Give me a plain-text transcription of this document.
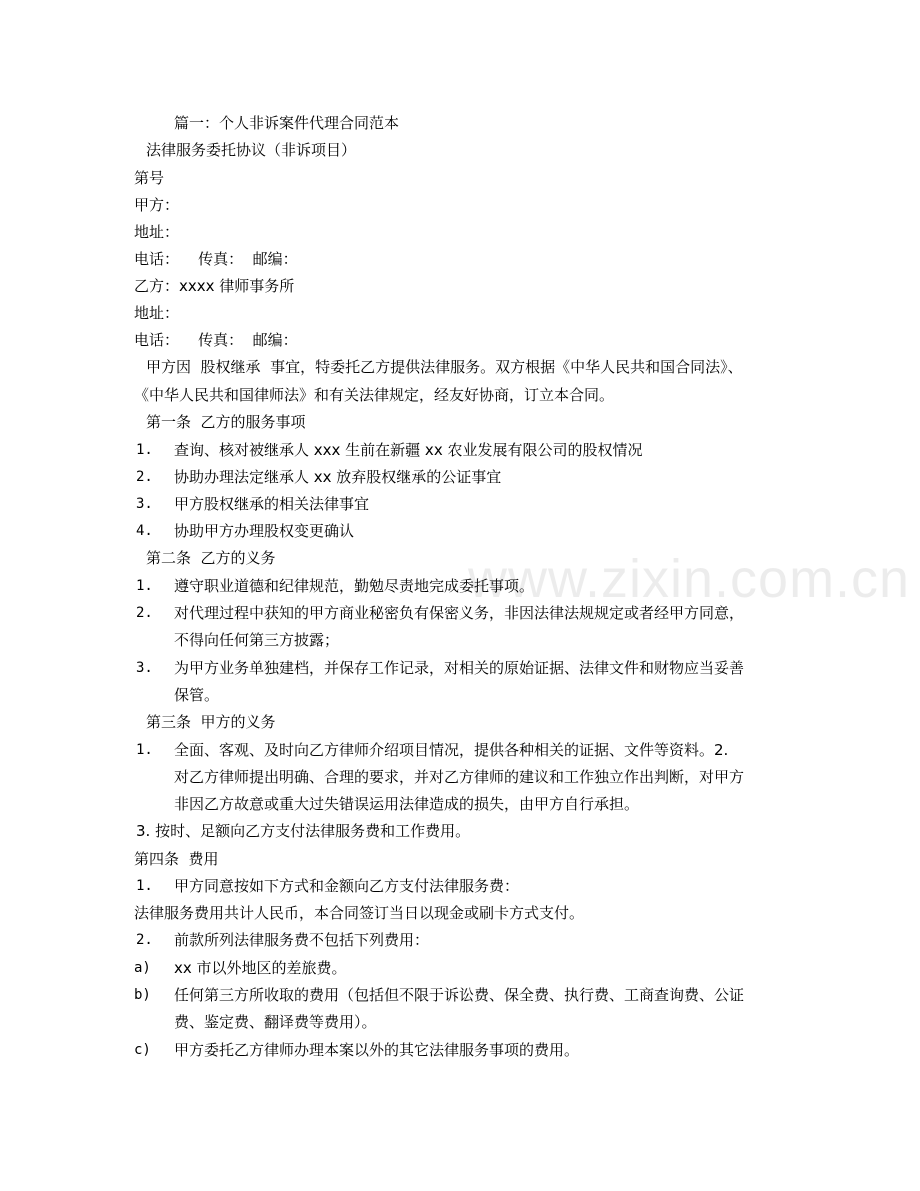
www.zixin.com.cn
篇一：个人非诉案件代理合同范本
法律服务委托协议（非诉项目）
第号
甲方：
地址：
电话：    传真：  邮编：
乙方：xxxx 律师事务所
地址：
电话：    传真：  邮编：
甲方因  股权继承  事宜，特委托乙方提供法律服务。双方根据《中华人民共和国合同法》、
《中华人民共和国律师法》和有关法律规定，经友好协商，订立本合同。
第一条  乙方的服务事项
1. 查询、核对被继承人 xxx 生前在新疆 xx 农业发展有限公司的股权情况
2. 协助办理法定继承人 xx 放弃股权继承的公证事宜
3. 甲方股权继承的相关法律事宜
4. 协助甲方办理股权变更确认
第二条  乙方的义务
1. 遵守职业道德和纪律规范，勤勉尽责地完成委托事项。
2. 对代理过程中获知的甲方商业秘密负有保密义务，非因法律法规规定或者经甲方同意，
不得向任何第三方披露；
3. 为甲方业务单独建档，并保存工作记录，对相关的原始证据、法律文件和财物应当妥善
保管。
第三条  甲方的义务
1. 全面、客观、及时向乙方律师介绍项目情况，提供各种相关的证据、文件等资料。2.
对乙方律师提出明确、合理的要求，并对乙方律师的建议和工作独立作出判断，对甲方
非因乙方故意或重大过失错误运用法律造成的损失，由甲方自行承担。
3. 按时、足额向乙方支付法律服务费和工作费用。
第四条  费用
1. 甲方同意按如下方式和金额向乙方支付法律服务费：
法律服务费用共计人民币，本合同签订当日以现金或刷卡方式支付。
2. 前款所列法律服务费不包括下列费用：
a) xx 市以外地区的差旅费。
b) 任何第三方所收取的费用（包括但不限于诉讼费、保全费、执行费、工商查询费、公证
费、鉴定费、翻译费等费用）。
c) 甲方委托乙方律师办理本案以外的其它法律服务事项的费用。
